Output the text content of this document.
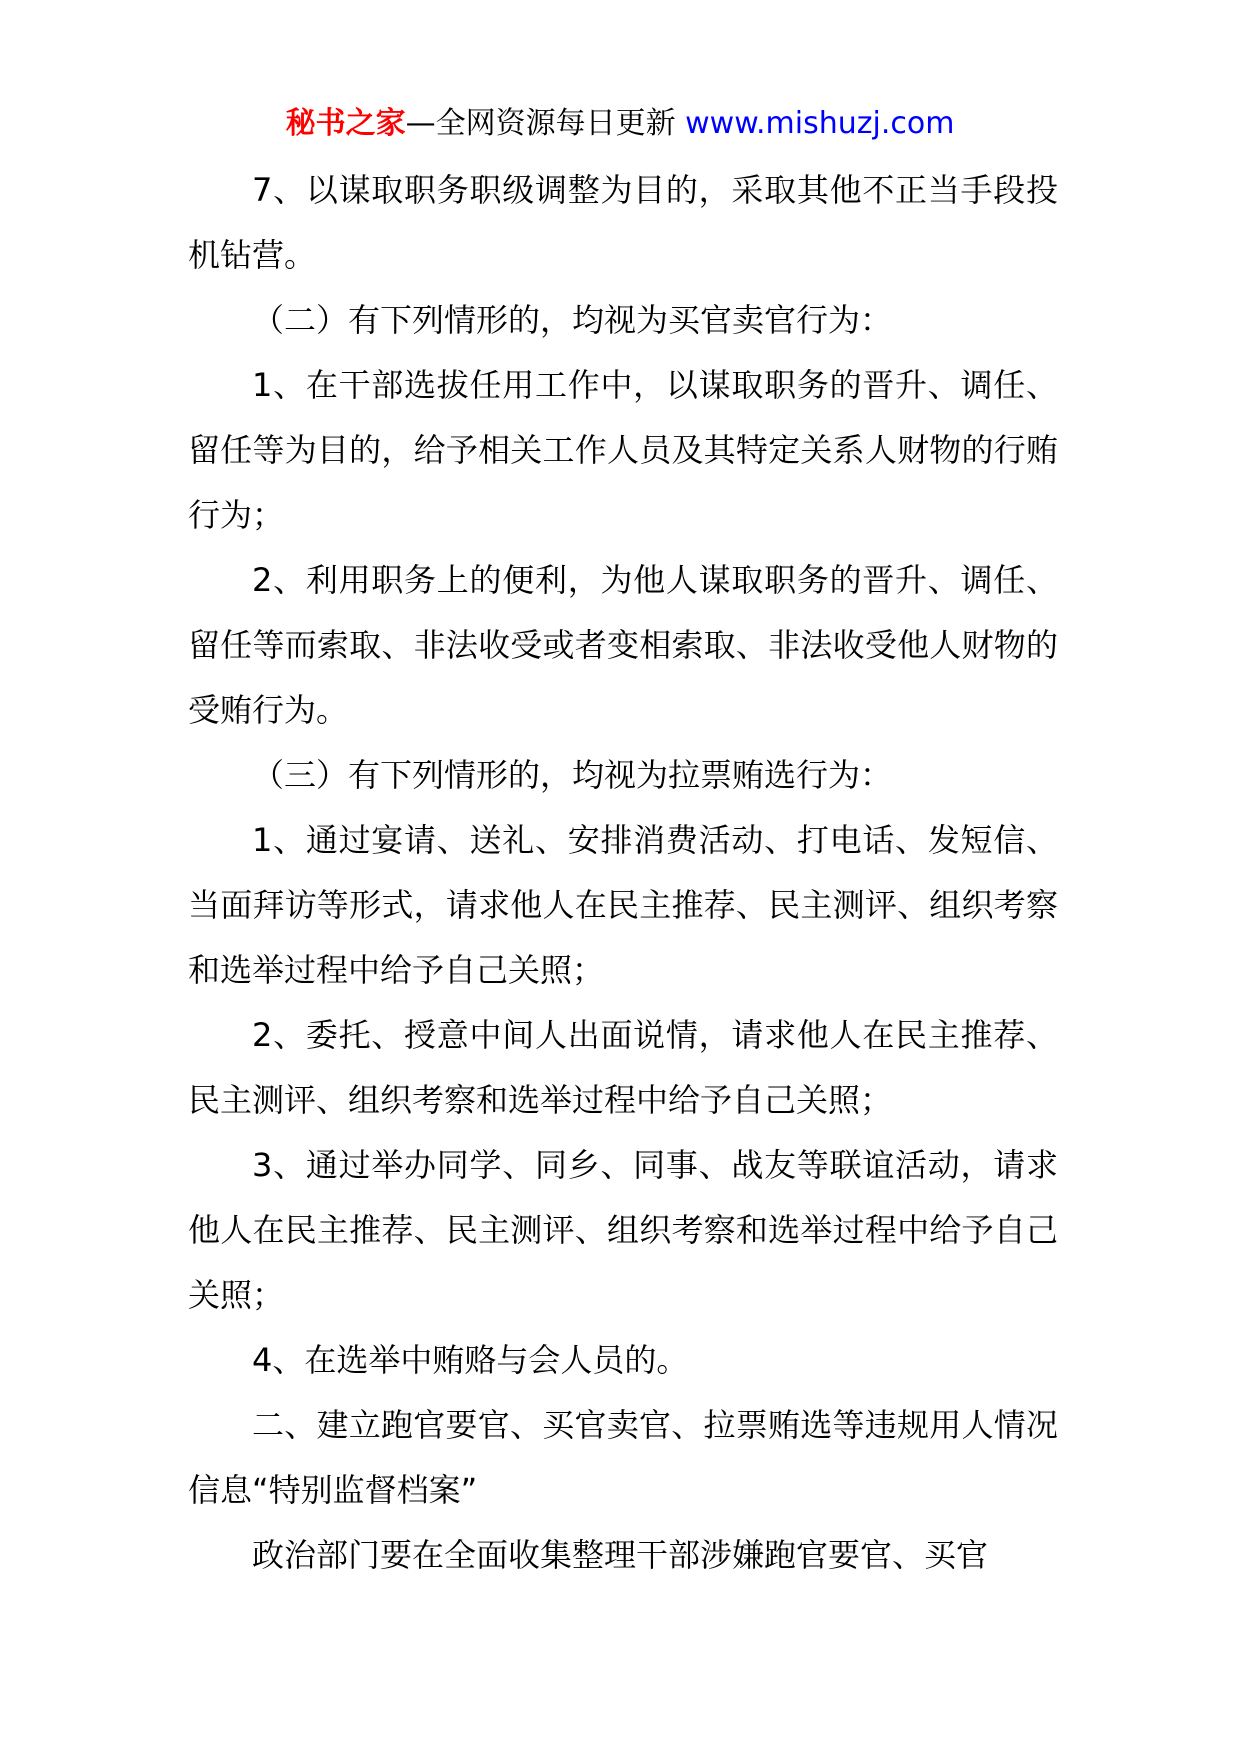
秘书之家—全网资源每日更新 www.mishuzj.com

7、以谋取职务职级调整为目的，采取其他不正当手段投机钻营。

（二）有下列情形的，均视为买官卖官行为：

1、在干部选拔任用工作中，以谋取职务的晋升、调任、留任等为目的，给予相关工作人员及其特定关系人财物的行贿行为；

2、利用职务上的便利，为他人谋取职务的晋升、调任、留任等而索取、非法收受或者变相索取、非法收受他人财物的受贿行为。

（三）有下列情形的，均视为拉票贿选行为：

1、通过宴请、送礼、安排消费活动、打电话、发短信、当面拜访等形式，请求他人在民主推荐、民主测评、组织考察和选举过程中给予自己关照；

2、委托、授意中间人出面说情，请求他人在民主推荐、民主测评、组织考察和选举过程中给予自己关照；

3、通过举办同学、同乡、同事、战友等联谊活动，请求他人在民主推荐、民主测评、组织考察和选举过程中给予自己关照；

4、在选举中贿赂与会人员的。

二、建立跑官要官、买官卖官、拉票贿选等违规用人情况信息“特别监督档案”

政治部门要在全面收集整理干部涉嫌跑官要官、买官
